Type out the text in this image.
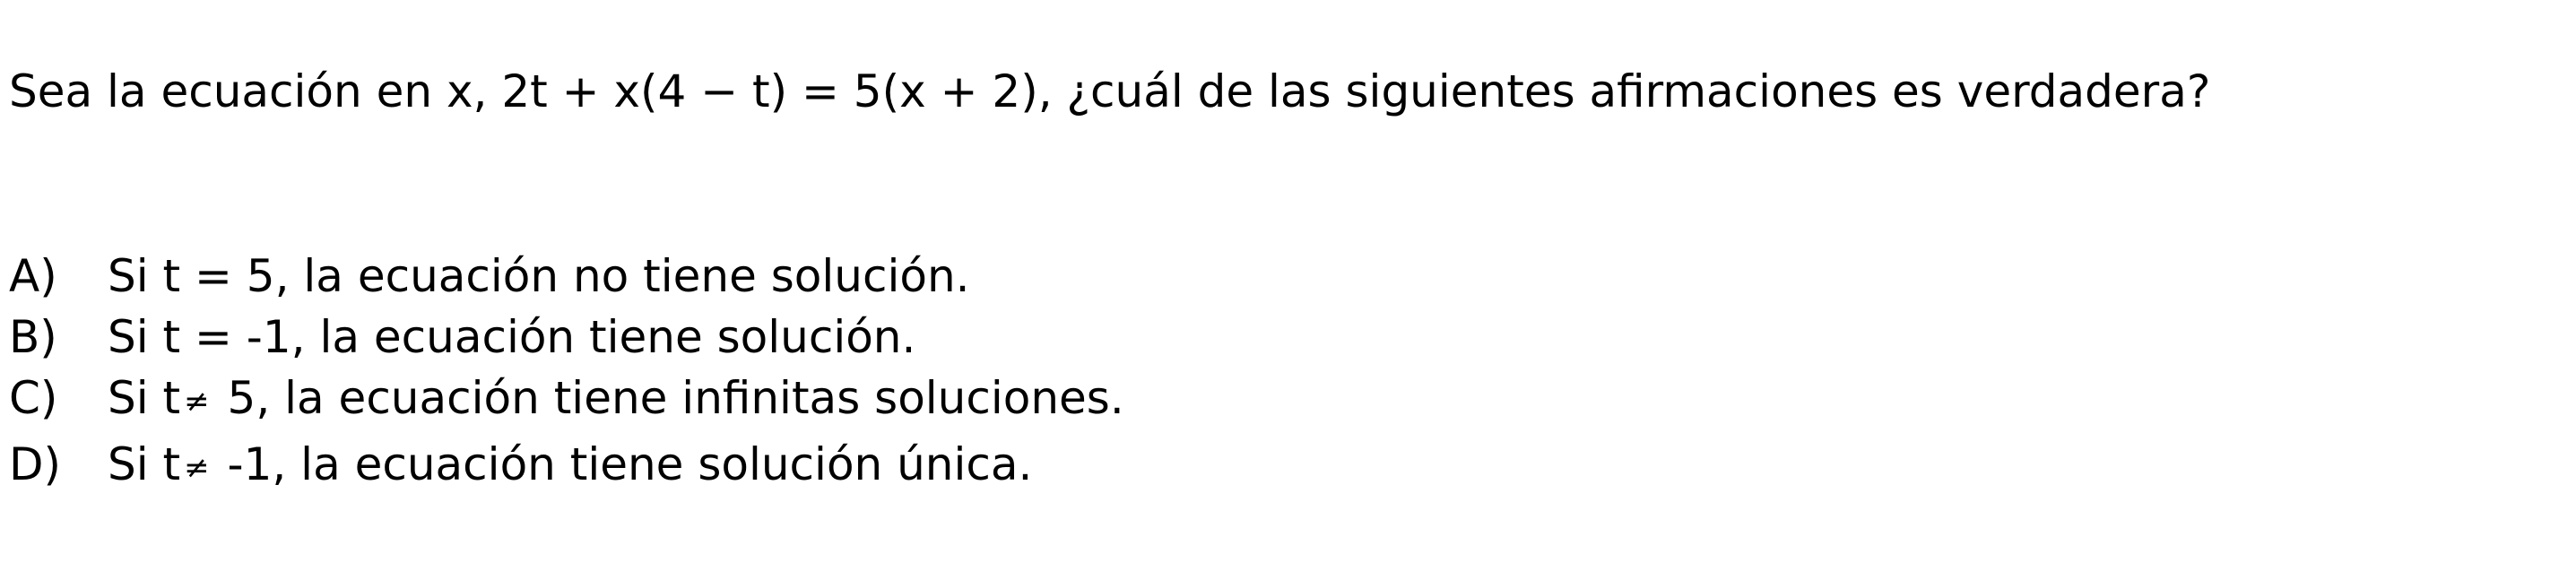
Sea la ecuación en x, 2t + x(4 − t) = 5(x + 2), ¿cuál de las siguientes afirmaciones es verdadera?

A)	Si t = 5, la ecuación no tiene solución.
B)	Si t = -1, la ecuación tiene solución.
C)	Si t ≠ 5, la ecuación tiene infinitas soluciones.
D)	Si t ≠ -1, la ecuación tiene solución única.
